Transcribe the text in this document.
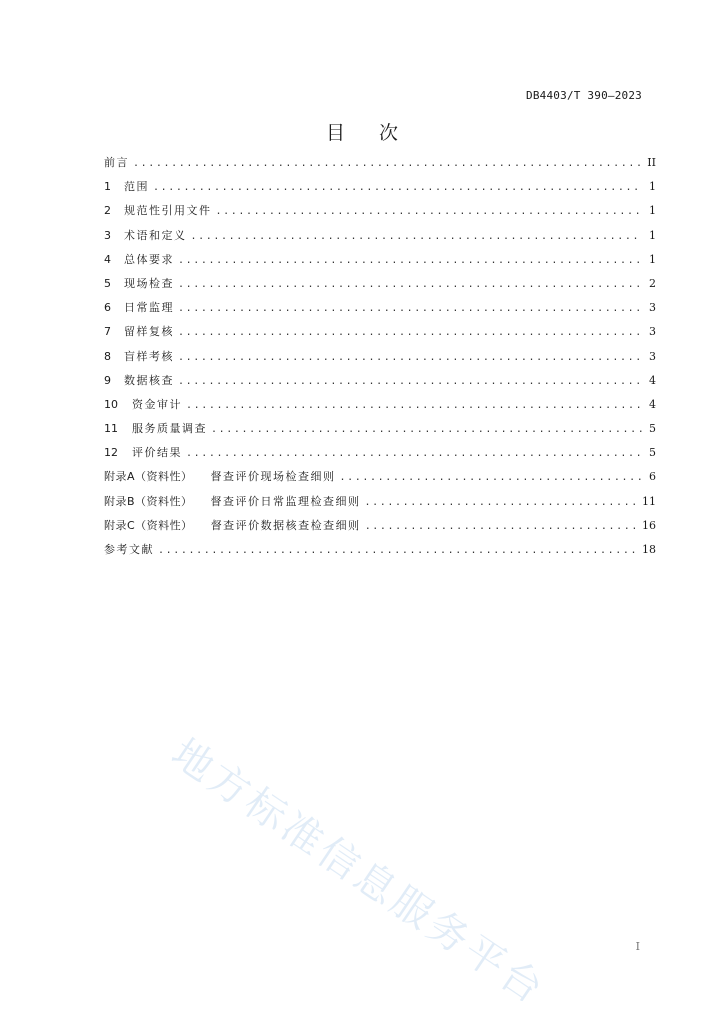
DB4403/T 390—2023
目次
前言 .....	II
1	范围 .....	1
2	规范性引用文件 .....	1
3	术语和定义 .....	1
4	总体要求 .....	1
5	现场检查 .....	2
6	日常监理 .....	3
7	留样复核 .....	3
8	盲样考核 .....	3
9	数据核查 .....	4
10	资金审计 .....	4
11	服务质量调查 .....	5
12	评价结果 .....	5
附录A（资料性） 督查评价现场检查细则 .....	6
附录B（资料性） 督查评价日常监理检查细则 .....	11
附录C（资料性） 督查评价数据核查检查细则 .....	16
参考文献 .....	18
地方标准信息服务平台	I
